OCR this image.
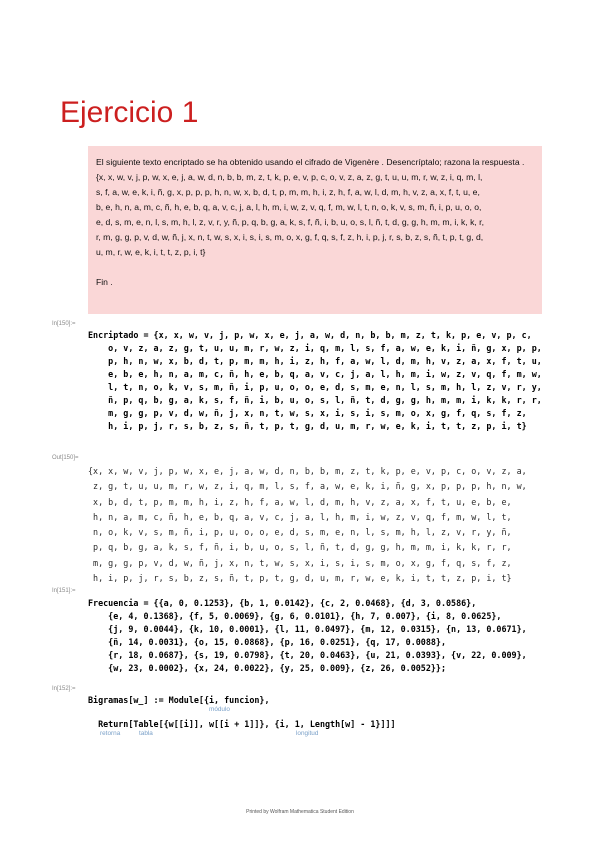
Ejercicio 1

El siguiente texto encriptado se ha obtenido usando el cifrado de Vigenère . Desencríptalo; razona la respuesta .

{x, x, w, v, j, p, w, x, e, j, a, w, d, n, b, b, m, z, t, k, p, e, v, p, c, o, v, z, a, z, g, t, u, u, m, r, w, z, i, q, m, l,

s, f, a, w, e, k, i, ñ, g, x, p, p, p, h, n, w, x, b, d, t, p, m, m, h, i, z, h, f, a, w, l, d, m, h, v, z, a, x, f, t, u, e,

b, e, h, n, a, m, c, ñ, h, e, b, q, a, v, c, j, a, l, h, m, i, w, z, v, q, f, m, w, l, t, n, o, k, v, s, m, ñ, i, p, u, o, o,

e, d, s, m, e, n, l, s, m, h, l, z, v, r, y, ñ, p, q, b, g, a, k, s, f, ñ, i, b, u, o, s, l, ñ, t, d, g, g, h, m, m, i, k, k, r,

r, m, g, g, p, v, d, w, ñ, j, x, n, t, w, s, x, i, s, i, s, m, o, x, g, f, q, s, f, z, h, i, p, j, r, s, b, z, s, ñ, t, p, t, g, d,

u, m, r, w, e, k, i, t, t, z, p, i, t}

Fin .

In[150]:=
Encriptado = {x, x, w, v, j, p, w, x, e, j, a, w, d, n, b, b, m, z, t, k, p, e, v, p, c,
o, v, z, a, z, g, t, u, u, m, r, w, z, i, q, m, l, s, f, a, w, e, k, i, ñ, g, x, p, p,
p, h, n, w, x, b, d, t, p, m, m, h, i, z, h, f, a, w, l, d, m, h, v, z, a, x, f, t, u,
e, b, e, h, n, a, m, c, ñ, h, e, b, q, a, v, c, j, a, l, h, m, i, w, z, v, q, f, m, w,
l, t, n, o, k, v, s, m, ñ, i, p, u, o, o, e, d, s, m, e, n, l, s, m, h, l, z, v, r, y,
ñ, p, q, b, g, a, k, s, f, ñ, i, b, u, o, s, l, ñ, t, d, g, g, h, m, m, i, k, k, r, r,
m, g, g, p, v, d, w, ñ, j, x, n, t, w, s, x, i, s, i, s, m, o, x, g, f, q, s, f, z,
h, i, p, j, r, s, b, z, s, ñ, t, p, t, g, d, u, m, r, w, e, k, i, t, t, z, p, i, t}
Out[150]=
{x, x, w, v, j, p, w, x, e, j, a, w, d, n, b, b, m, z, t, k, p, e, v, p, c, o, v, z, a,
z, g, t, u, u, m, r, w, z, i, q, m, l, s, f, a, w, e, k, i, ñ, g, x, p, p, p, h, n, w,
x, b, d, t, p, m, m, h, i, z, h, f, a, w, l, d, m, h, v, z, a, x, f, t, u, e, b, e,
h, n, a, m, c, ñ, h, e, b, q, a, v, c, j, a, l, h, m, i, w, z, v, q, f, m, w, l, t,
n, o, k, v, s, m, ñ, i, p, u, o, o, e, d, s, m, e, n, l, s, m, h, l, z, v, r, y, ñ,
p, q, b, g, a, k, s, f, ñ, i, b, u, o, s, l, ñ, t, d, g, g, h, m, m, i, k, k, r, r,
m, g, g, p, v, d, w, ñ, j, x, n, t, w, s, x, i, s, i, s, m, o, x, g, f, q, s, f, z,
h, i, p, j, r, s, b, z, s, ñ, t, p, t, g, d, u, m, r, w, e, k, i, t, t, z, p, i, t}
In[151]:=
Frecuencia = {{a, 0, 0.1253}, {b, 1, 0.0142}, {c, 2, 0.0468}, {d, 3, 0.0586},
{e, 4, 0.1368}, {f, 5, 0.0069}, {g, 6, 0.0101}, {h, 7, 0.007}, {i, 8, 0.0625},
{j, 9, 0.0044}, {k, 10, 0.0001}, {l, 11, 0.0497}, {m, 12, 0.0315}, {n, 13, 0.0671},
{ñ, 14, 0.0031}, {o, 15, 0.0868}, {p, 16, 0.0251}, {q, 17, 0.0088},
{r, 18, 0.0687}, {s, 19, 0.0798}, {t, 20, 0.0463}, {u, 21, 0.0393}, {v, 22, 0.009},
{w, 23, 0.0002}, {x, 24, 0.0022}, {y, 25, 0.009}, {z, 26, 0.0052}};
In[152]:=
Bigramas[w_] := Module[{i, funcion},
módulo
Return[Table[{w[[i]], w[[i + 1]]}, {i, 1, Length[w] - 1}]]]
retorna	tabla	longitud
Printed by Wolfram Mathematica Student Edition
